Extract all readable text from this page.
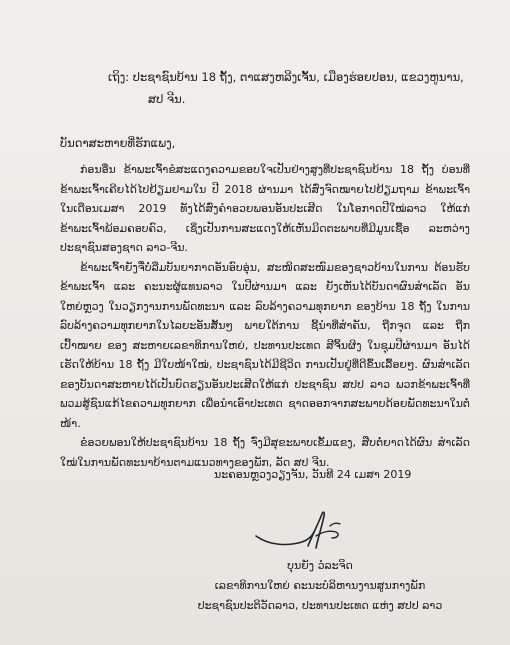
ເຖິງ: ປະຊາຊົນບ້ານ 18 ຖັ້ງ, ຕາແສງຫລີງເຈັ້ນ, ເມືອງຮ່ອຍປອນ, ແຂວງຫູນານ,
ສປ ຈີນ.
ບັນດາສະຫາຍທີ່ຮັກແພງ,

ກ່ອນອື່ນ ຂ້າພະເຈົ້າຂໍສະແດງຄວາມຂອບໃຈເປັນຢ່າງສູງທີ່ປະຊາຊົນບ້ານ 18 ຖັ້ງ ບ່ອນທີ່ຂ້າພະເຈົ້າເຄີຍໄດ້ໄປຢ້ຽມຢາມໃນ ປີ 2018 ຜ່ານມາ ໄດ້ສົ່ງຈົດໝາຍໄປຢ້ຽມຖາມ ຂ້າພະເຈົ້າໃນເດືອນເມສາ 2019 ທັງໄດ້ສົ່ງຄຳອວຍພອນອັນປະເສີດ ໃນໂອກາດປີໃໝ່ລາວ ໃຫ້ແກ່ຂ້າພະເຈົ້າພ້ອມຄອບຄົວ, ເຊິ່ງເປັນການສະແດງໃຫ້ເຫັນມິດຕະພາບທີ່ມີມູນເຊື້ອ ລະຫວ່າງ ປະຊາຊົນສອງຊາດ ລາວ-ຈີນ.

ຂ້າພະເຈົ້າຍັງຈື່ບໍ່ລືມບັນຍາກາດອັນອົບອຸ່ນ, ສະໜິດສະໜົມຂອງຊາວບ້ານໃນການ ຕ້ອນຮັບຂ້າພະເຈົ້າ ແລະ ຄະນະຜູ້ແທນລາວ ໃນປີຜ່ານມາ ແລະ ຍັງເຫັນໄດ້ບັນດາຜົນສຳເລັດ ອັນໃຫຍ່ຫຼວງ ໃນວຽກງານການພັດທະນາ ແລະ ລົບລ້າງຄວາມທຸກຍາກ ຂອງບ້ານ 18 ຖັ້ງ ໃນການລົບລ້າງຄວາມທຸກຍາກໃນໄລຍະອັນສັ້ນໆ ພາຍໃຕ້ການ ຊີ້ນຳທີ່ສຳຄັນ, ຖືກຈຸດ ແລະ ຖືກເປົ້າໝາຍ ຂອງ ສະຫາຍເລຂາທິການໃຫຍ່, ປະທານປະເທດ ສີຈິ້ນຜິງ ໃນຊຸມປີຜ່ານມາ ອັນໄດ້ເຮັດໃຫ້ບ້ານ 18 ຖັ້ງ ມີໃບໜ້າໃໝ່, ປະຊາຊົນໄດ້ມີຊີວິດ ການເປັນຢູ່ທີ່ດີຂຶ້ນເລື້ອຍໆ. ຜົນສຳເລັດຂອງບັນດາສະຫາຍໄດ້ເປັນບົດຮຽນອັນປະເສີດໃຫ້ແກ່ ປະຊາຊົນ ສປປ ລາວ ພວກຂ້າພະເຈົ້າທີ່ພວມສູ້ຊົນແກ້ໄຂຄວາມທຸກຍາກ ເພື່ອນຳເອົາປະເທດ ຊາດອອກຈາກສະພາບດ້ອຍພັດທະນາໃນຕໍ່ໜ້າ.

ຂໍອວຍພອນໃຫ້ປະຊາຊົນບ້ານ 18 ຖັ້ງ ຈົ່ງມີສຸຂະພາບເຂັ້ມແຂງ, ສືບຕໍ່ຍາດໄດ້ຜົນ ສຳເລັດ ໃໝ່ໃນການພັດທະນາບ້ານຕາມແນວທາງຂອງພັກ, ລັດ ສປ ຈີນ.

ນະຄອນຫຼວງວຽງຈັນ, ວັນທີ 24 ເມສາ 2019
ບຸນຍັງ ວໍລະຈິດ
ເລຂາທິການໃຫຍ່ ຄະນະບໍລິຫານງານສູນກາງພັກ
ປະຊາຊົນປະຕິວັດລາວ, ປະທານປະເທດ ແຫ່ງ ສປປ ລາວ
